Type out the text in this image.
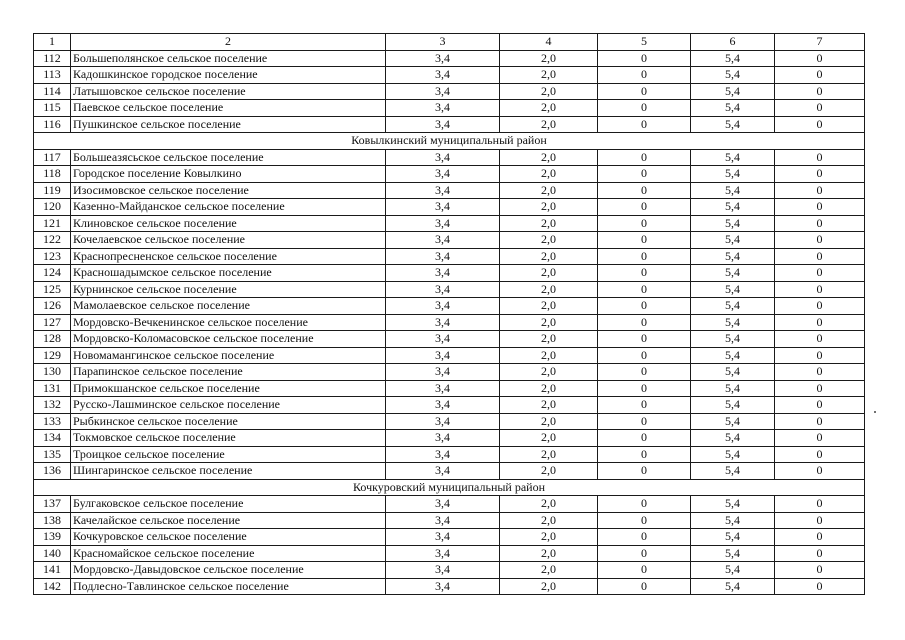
1	2	3	4	5	6	7
112	Большеполянское сельское поселение	3,4	2,0	0	5,4	0
113	Кадошкинское городское поселение	3,4	2,0	0	5,4	0
114	Латышовское сельское поселение	3,4	2,0	0	5,4	0
115	Паевское сельское поселение	3,4	2,0	0	5,4	0
116	Пушкинское сельское поселение	3,4	2,0	0	5,4	0
Ковылкинский муниципальный район						
117	Большеазясьское сельское поселение	3,4	2,0	0	5,4	0
118	Городское поселение Ковылкино	3,4	2,0	0	5,4	0
119	Изосимовское сельское поселение	3,4	2,0	0	5,4	0
120	Казенно-Майданское сельское поселение	3,4	2,0	0	5,4	0
121	Клиновское сельское поселение	3,4	2,0	0	5,4	0
122	Кочелаевское сельское поселение	3,4	2,0	0	5,4	0
123	Краснопресненское сельское поселение	3,4	2,0	0	5,4	0
124	Красношадымское сельское поселение	3,4	2,0	0	5,4	0
125	Курнинское сельское поселение	3,4	2,0	0	5,4	0
126	Мамолаевское сельское поселение	3,4	2,0	0	5,4	0
127	Мордовско-Вечкенинское сельское поселение	3,4	2,0	0	5,4	0
128	Мордовско-Коломасовское сельское поселение	3,4	2,0	0	5,4	0
129	Новомамангинское сельское поселение	3,4	2,0	0	5,4	0
130	Парапинское сельское поселение	3,4	2,0	0	5,4	0
131	Примокшанское сельское поселение	3,4	2,0	0	5,4	0
132	Русско-Лашминское сельское поселение	3,4	2,0	0	5,4	0
133	Рыбкинское сельское поселение	3,4	2,0	0	5,4	0
134	Токмовское сельское поселение	3,4	2,0	0	5,4	0
135	Троицкое сельское поселение	3,4	2,0	0	5,4	0
136	Шингаринское сельское поселение	3,4	2,0	0	5,4	0
Кочкуровский муниципальный район						
137	Булгаковское сельское поселение	3,4	2,0	0	5,4	0
138	Качелайское сельское поселение	3,4	2,0	0	5,4	0
139	Кочкуровское сельское поселение	3,4	2,0	0	5,4	0
140	Красномайское сельское поселение	3,4	2,0	0	5,4	0
141	Мордовско-Давыдовское сельское поселение	3,4	2,0	0	5,4	0
142	Подлесно-Тавлинское сельское поселение	3,4	2,0	0	5,4	0
